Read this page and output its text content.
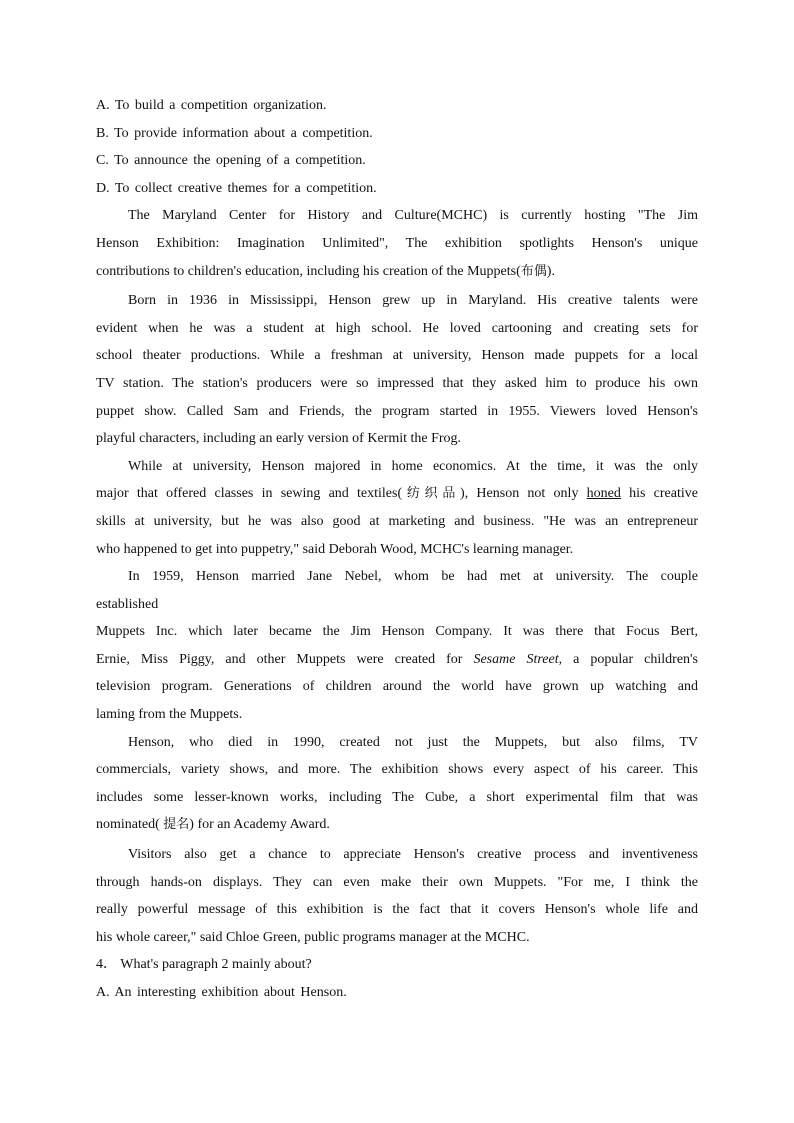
A. To build a competition organization.
B. To provide information about a competition.
C. To announce the opening of a competition.
D. To collect creative themes for a competition.
The Maryland Center for History and Culture(MCHC) is currently hosting "The Jim
Henson Exhibition: Imagination Unlimited", The exhibition spotlights Henson's unique
contributions to children's education, including his creation of the Muppets(布偶).
Born in 1936 in Mississippi, Henson grew up in Maryland. His creative talents were
evident when he was a student at high school. He loved cartooning and creating sets for
school theater productions. While a freshman at university, Henson made puppets for a local
TV station. The station's producers were so impressed that they asked him to produce his own
puppet show. Called Sam and Friends, the program started in 1955. Viewers loved Henson's
playful characters, including an early version of Kermit the Frog.
While at university, Henson majored in home economics. At the time, it was the only
major that offered classes in sewing and textiles(纺织品), Henson not only honed his creative
skills at university, but he was also good at marketing and business. "He was an entrepreneur
who happened to get into puppetry," said Deborah Wood, MCHC's learning manager.
In 1959, Henson married Jane Nebel, whom be had met at university. The couple
established
Muppets Inc. which later became the Jim Henson Company. It was there that Focus Bert,
Ernie, Miss Piggy, and other Muppets were created for Sesame Street, a popular children's
television program. Generations of children around the world have grown up watching and
laming from the Muppets.
Henson, who died in 1990, created not just the Muppets, but also films, TV
commercials, variety shows, and more. The exhibition shows every aspect of his career. This
includes some lesser-known works, including The Cube, a short experimental film that was
nominated( 提名) for an Academy Award.
Visitors also get a chance to appreciate Henson's creative process and inventiveness
through hands-on displays. They can even make their own Muppets. "For me, I think the
really powerful message of this exhibition is the fact that it covers Henson's whole life and
his whole career," said Chloe Green, public programs manager at the MCHC.
4． What's paragraph 2 mainly about?
A. An interesting exhibition about Henson.
